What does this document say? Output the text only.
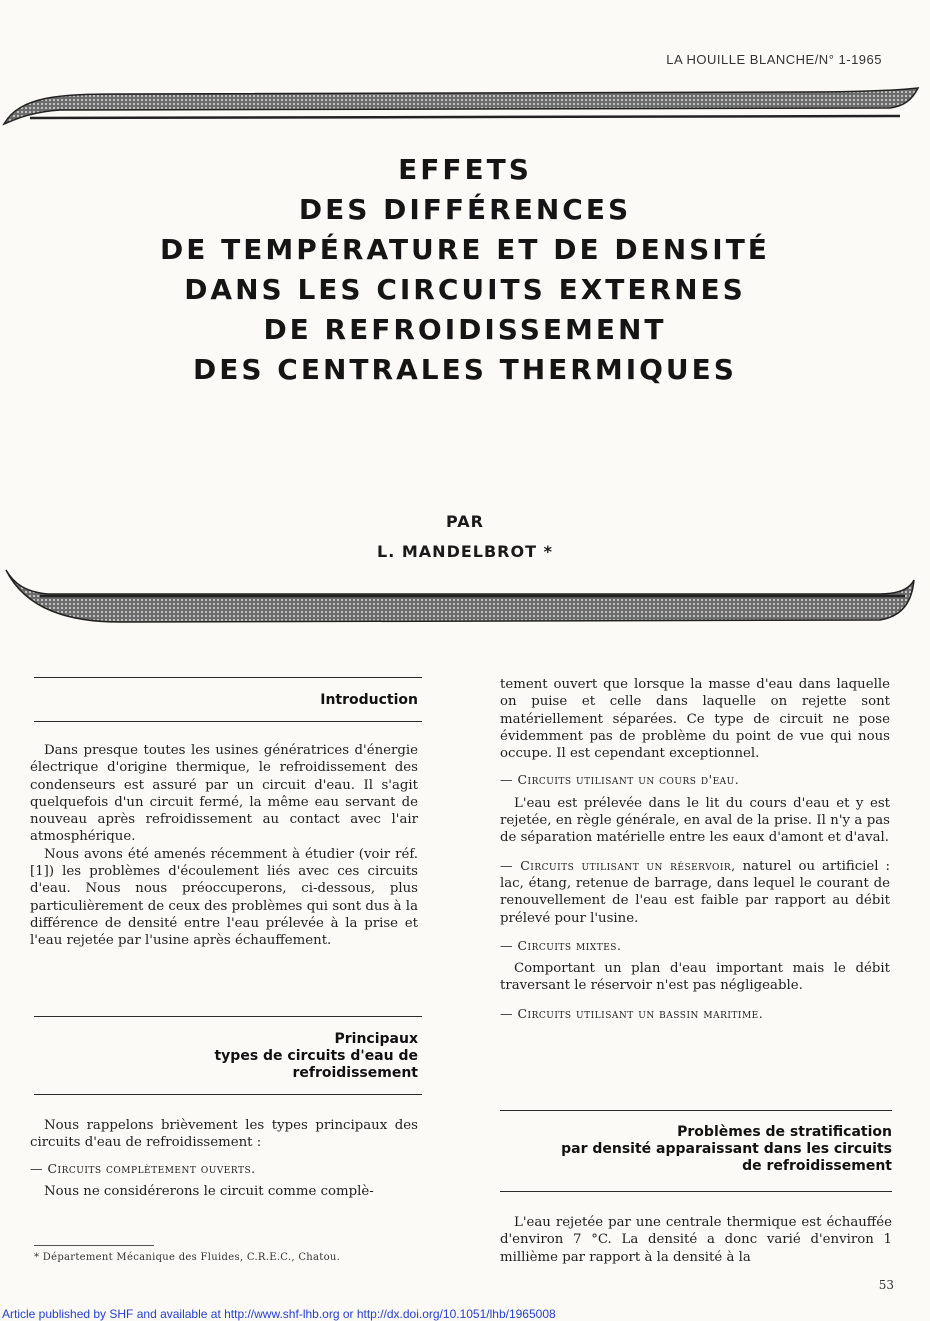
LA HOUILLE BLANCHE/N° 1-1965
EFFETS
DES DIFFÉRENCES
DE TEMPÉRATURE ET DE DENSITÉ
DANS LES CIRCUITS EXTERNES
DE REFROIDISSEMENT
DES CENTRALES THERMIQUES
PAR
L. MANDELBROT *
Introduction

Dans presque toutes les usines génératrices d'énergie électrique d'origine thermique, le refroidissement des condenseurs est assuré par un circuit d'eau. Il s'agit quelquefois d'un circuit fermé, la même eau servant de nouveau après refroidissement au contact avec l'air atmosphérique.

Nous avons été amenés récemment à étudier (voir réf. [1]) les problèmes d'écoulement liés avec ces circuits d'eau. Nous nous préoccuperons, ci-dessous, plus particulièrement de ceux des problèmes qui sont dus à la différence de densité entre l'eau prélevée à la prise et l'eau rejetée par l'usine après échauffement.

Principaux
types de circuits d'eau de
refroidissement

Nous rappelons brièvement les types principaux des circuits d'eau de refroidissement :

— Circuits complètement ouverts.

Nous ne considérerons le circuit comme complè-

* Département Mécanique des Fluides, C.R.E.C., Chatou.

tement ouvert que lorsque la masse d'eau dans laquelle on puise et celle dans laquelle on rejette sont matériellement séparées. Ce type de circuit ne pose évidemment pas de problème du point de vue qui nous occupe. Il est cependant exceptionnel.

— Circuits utilisant un cours d'eau.

L'eau est prélevée dans le lit du cours d'eau et y est rejetée, en règle générale, en aval de la prise. Il n'y a pas de séparation matérielle entre les eaux d'amont et d'aval.

— Circuits utilisant un réservoir, naturel ou artificiel : lac, étang, retenue de barrage, dans lequel le courant de renouvellement de l'eau est faible par rapport au débit prélevé pour l'usine.

— Circuits mixtes.

Comportant un plan d'eau important mais le débit traversant le réservoir n'est pas négligeable.

— Circuits utilisant un bassin maritime.

Problèmes de stratification
par densité apparaissant dans les circuits
de refroidissement

L'eau rejetée par une centrale thermique est échauffée d'environ 7 °C. La densité a donc varié d'environ 1 millième par rapport à la densité à la

53
Article published by SHF and available at http://www.shf-lhb.org or http://dx.doi.org/10.1051/lhb/1965008
